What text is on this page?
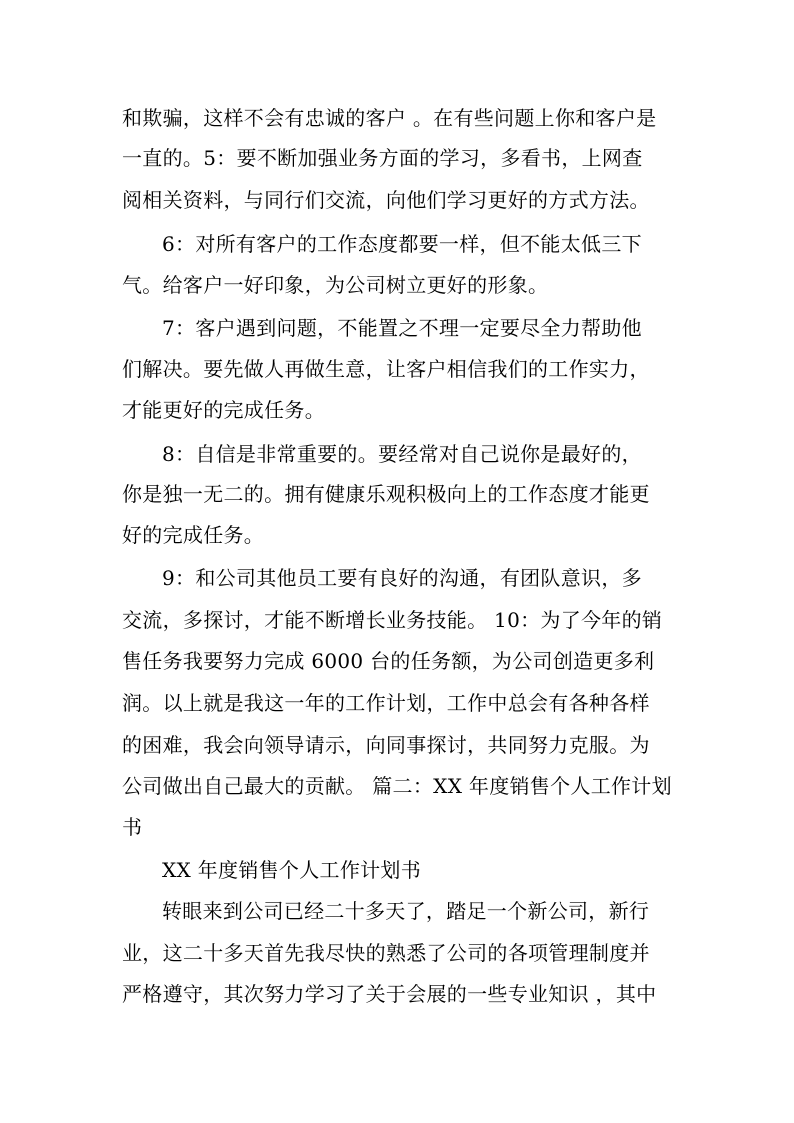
和欺骗，这样不会有忠诚的客户 。在有些问题上你和客户是
一直的。5：要不断加强业务方面的学习，多看书，上网查
阅相关资料，与同行们交流，向他们学习更好的方式方法。
6：对所有客户的工作态度都要一样，但不能太低三下
气。给客户一好印象，为公司树立更好的形象。
7：客户遇到问题，不能置之不理一定要尽全力帮助他
们解决。要先做人再做生意，让客户相信我们的工作实力，
才能更好的完成任务。
8：自信是非常重要的。要经常对自己说你是最好的，
你是独一无二的。拥有健康乐观积极向上的工作态度才能更
好的完成任务。
9：和公司其他员工要有良好的沟通，有团队意识，多
交流，多探讨，才能不断增长业务技能。 10：为了今年的销
售任务我要努力完成 6000 台的任务额，为公司创造更多利
润。以上就是我这一年的工作计划，工作中总会有各种各样
的困难，我会向领导请示，向同事探讨，共同努力克服。为
公司做出自己最大的贡献。 篇二：XX 年度销售个人工作计划
书
XX 年度销售个人工作计划书
转眼来到公司已经二十多天了，踏足一个新公司，新行
业，这二十多天首先我尽快的熟悉了公司的各项管理制度并
严格遵守，其次努力学习了关于会展的一些专业知识 ，其中
